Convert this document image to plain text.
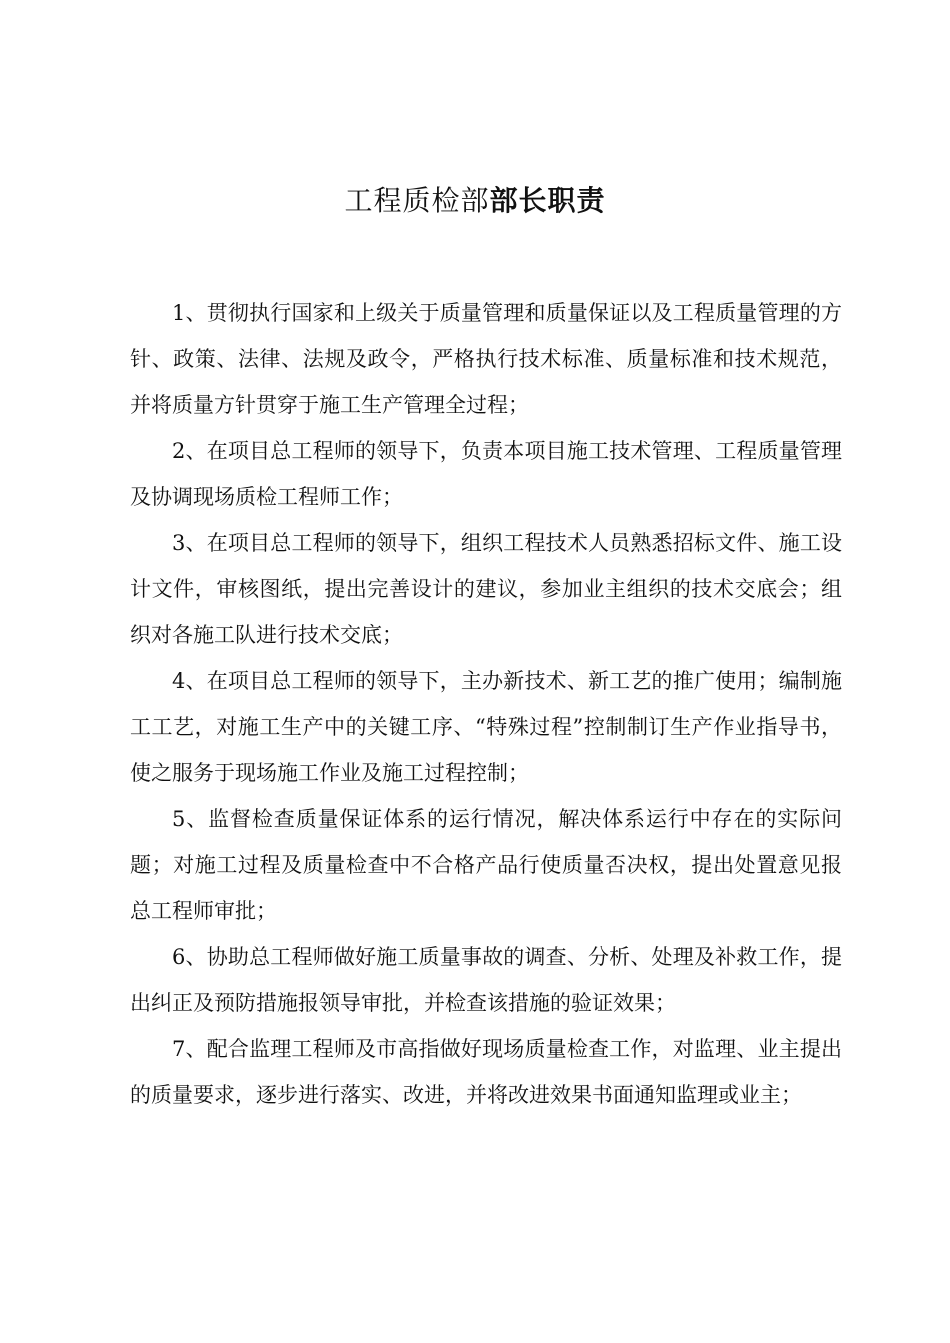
工程质检部部长职责

1、贯彻执行国家和上级关于质量管理和质量保证以及工程质量管理的方针、政策、法律、法规及政令，严格执行技术标准、质量标准和技术规范，并将质量方针贯穿于施工生产管理全过程；

2、在项目总工程师的领导下，负责本项目施工技术管理、工程质量管理及协调现场质检工程师工作；

3、在项目总工程师的领导下，组织工程技术人员熟悉招标文件、施工设计文件，审核图纸，提出完善设计的建议，参加业主组织的技术交底会；组织对各施工队进行技术交底；

4、在项目总工程师的领导下，主办新技术、新工艺的推广使用；编制施工工艺，对施工生产中的关键工序、“特殊过程”控制制订生产作业指导书，使之服务于现场施工作业及施工过程控制；

5、监督检查质量保证体系的运行情况，解决体系运行中存在的实际问题；对施工过程及质量检查中不合格产品行使质量否决权，提出处置意见报总工程师审批；

6、协助总工程师做好施工质量事故的调查、分析、处理及补救工作，提出纠正及预防措施报领导审批，并检查该措施的验证效果；

7、配合监理工程师及市高指做好现场质量检查工作，对监理、业主提出的质量要求，逐步进行落实、改进，并将改进效果书面通知监理或业主；
